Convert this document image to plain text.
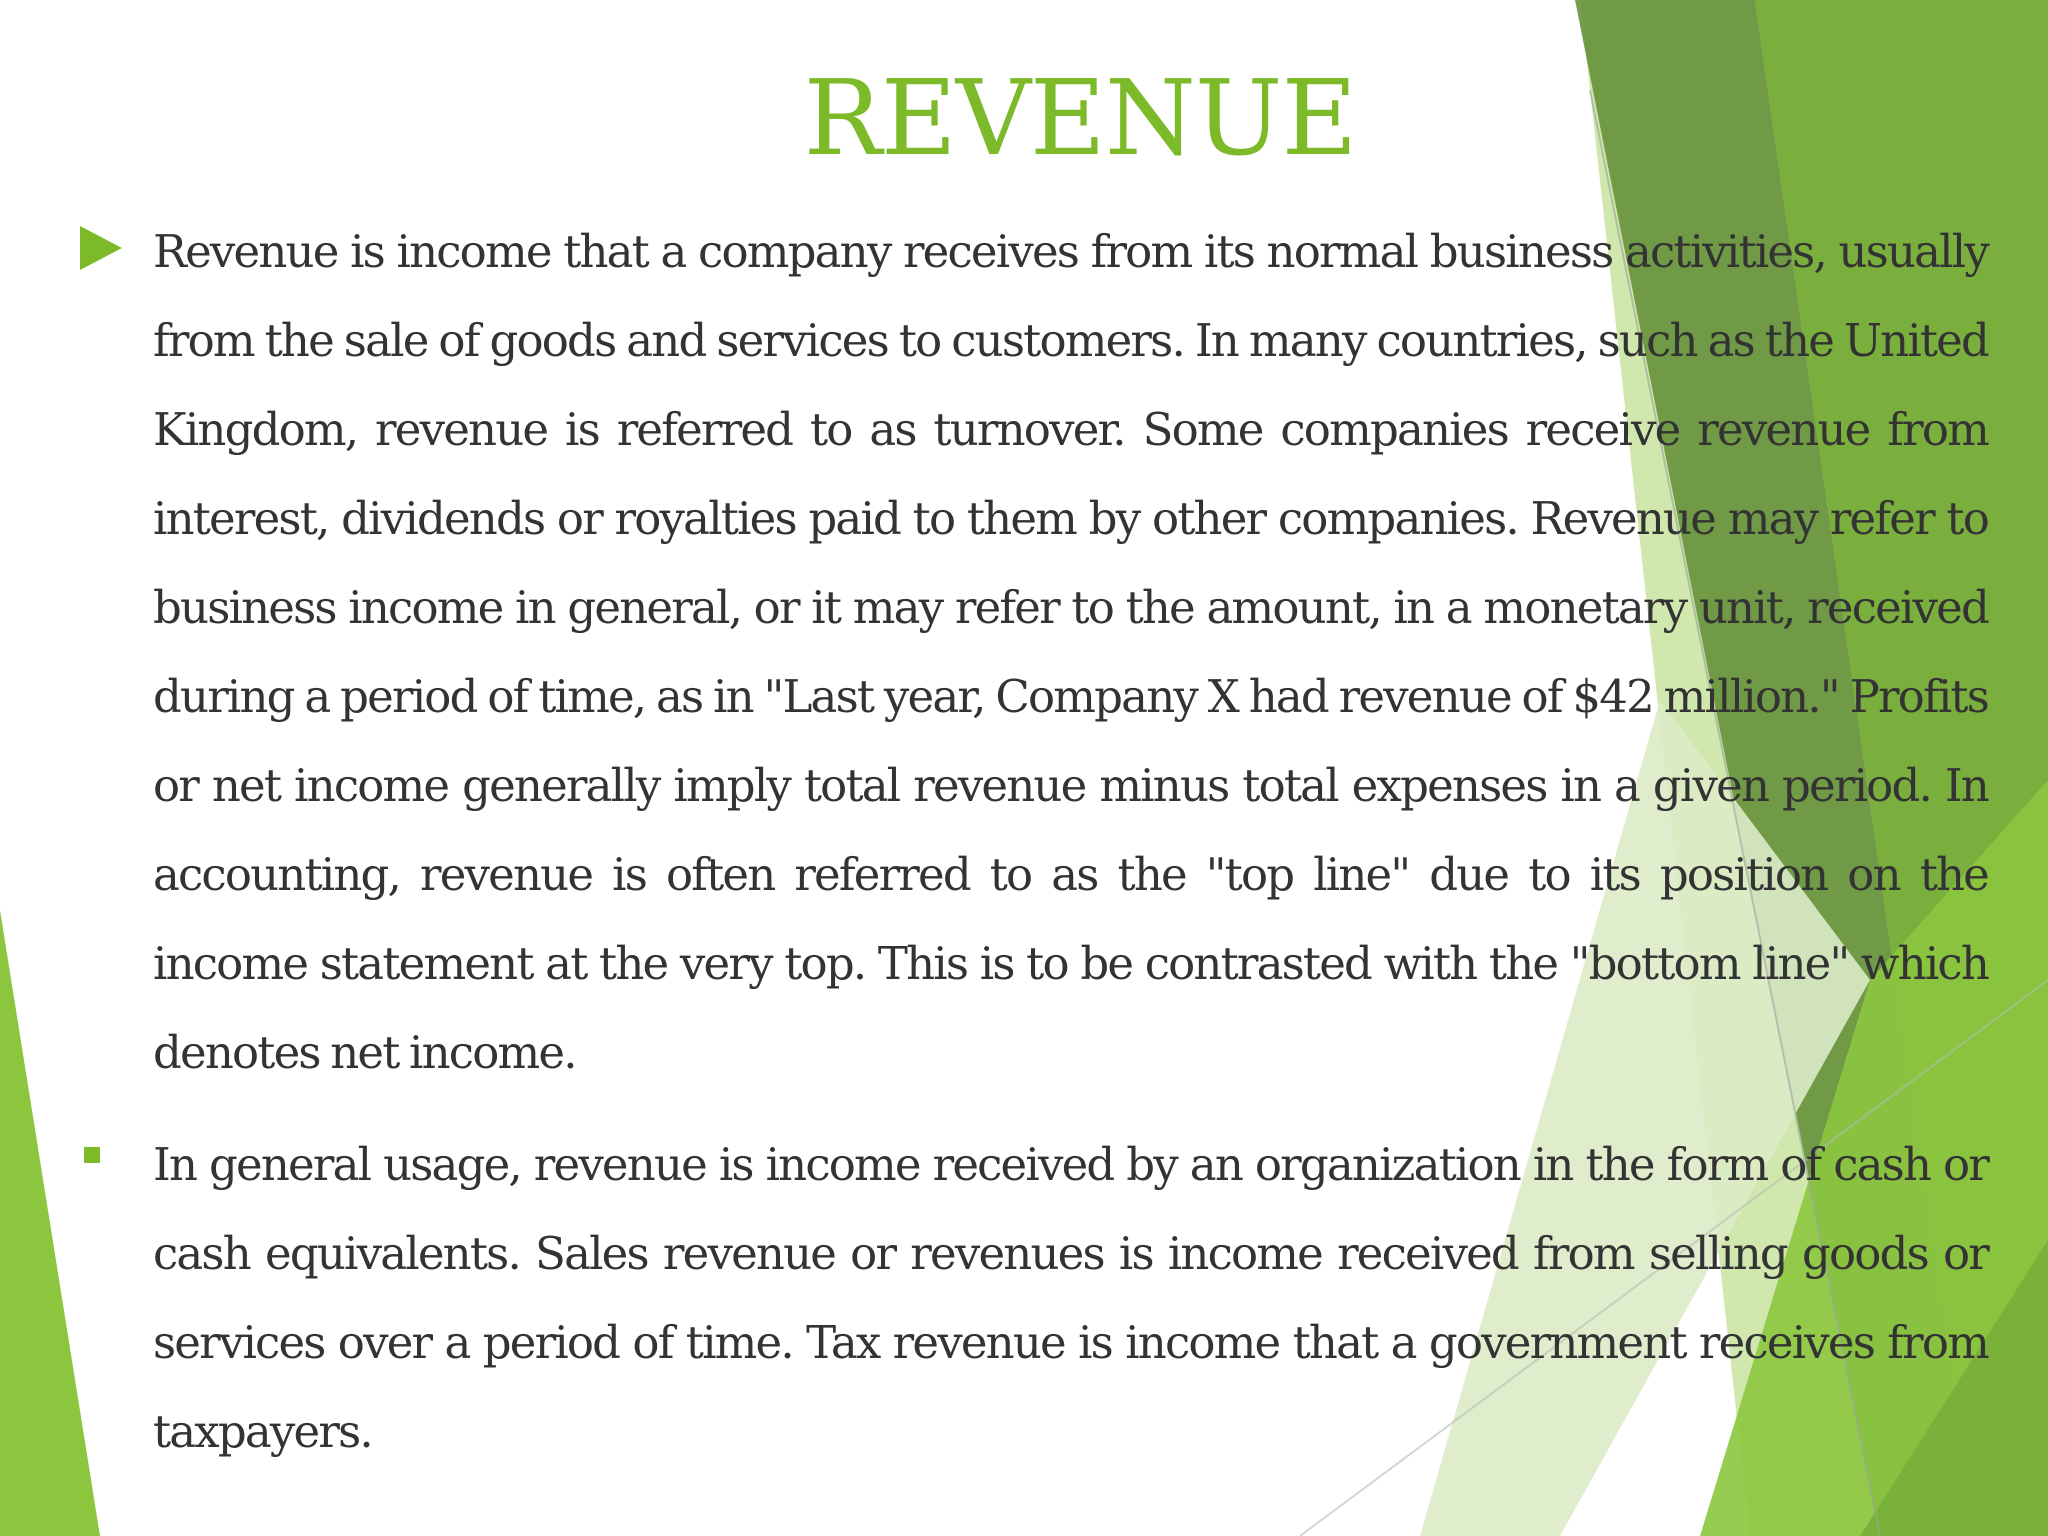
REVENUE

Revenue is income that a company receives from its normal business activities, usually from the sale of goods and services to customers. In many countries, such as the United Kingdom, revenue is referred to as turnover. Some companies receive revenue from interest, dividends or royalties paid to them by other companies. Revenue may refer to business income in general, or it may refer to the amount, in a monetary unit, received during a period of time, as in "Last year, Company X had revenue of $42 million." Profits or net income generally imply total revenue minus total expenses in a given period. In accounting, revenue is often referred to as the "top line" due to its position on the income statement at the very top. This is to be contrasted with the "bottom line" which denotes net income.

In general usage, revenue is income received by an organization in the form of cash or cash equivalents. Sales revenue or revenues is income received from selling goods or services over a period of time. Tax revenue is income that a government receives from taxpayers.
